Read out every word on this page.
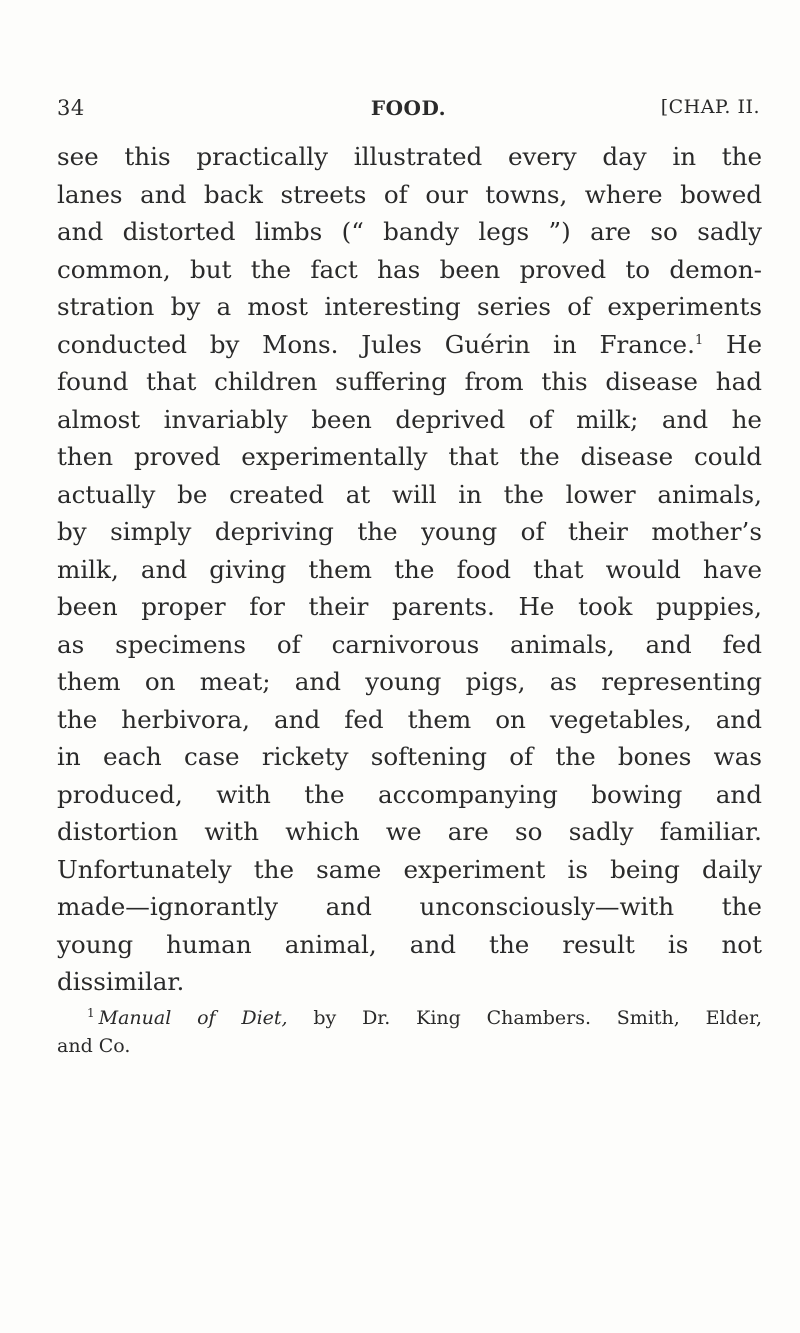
34	FOOD.	[CHAP. II.
see this practically illustrated every day in the
lanes and back streets of our towns, where bowed
and distorted limbs (“ bandy legs ”) are so sadly
common, but the fact has been proved to demon-
stration by a most interesting series of experiments
conducted by Mons. Jules Guérin in France.$^1$ He
found that children suffering from this disease had
almost invariably been deprived of milk; and he
then proved experimentally that the disease could
actually be created at will in the lower animals,
by simply depriving the young of their mother’s
milk, and giving them the food that would have
been proper for their parents. He took puppies,
as specimens of carnivorous animals, and fed
them on meat; and young pigs, as representing
the herbivora, and fed them on vegetables, and
in each case rickety softening of the bones was
produced, with the accompanying bowing and
distortion with which we are so sadly familiar.
Unfortunately the same experiment is being daily
made—ignorantly and unconsciously—with the
young human animal, and the result is not
dissimilar.
$^1$ Manual of Diet, by Dr. King Chambers. Smith, Elder,
and Co.
